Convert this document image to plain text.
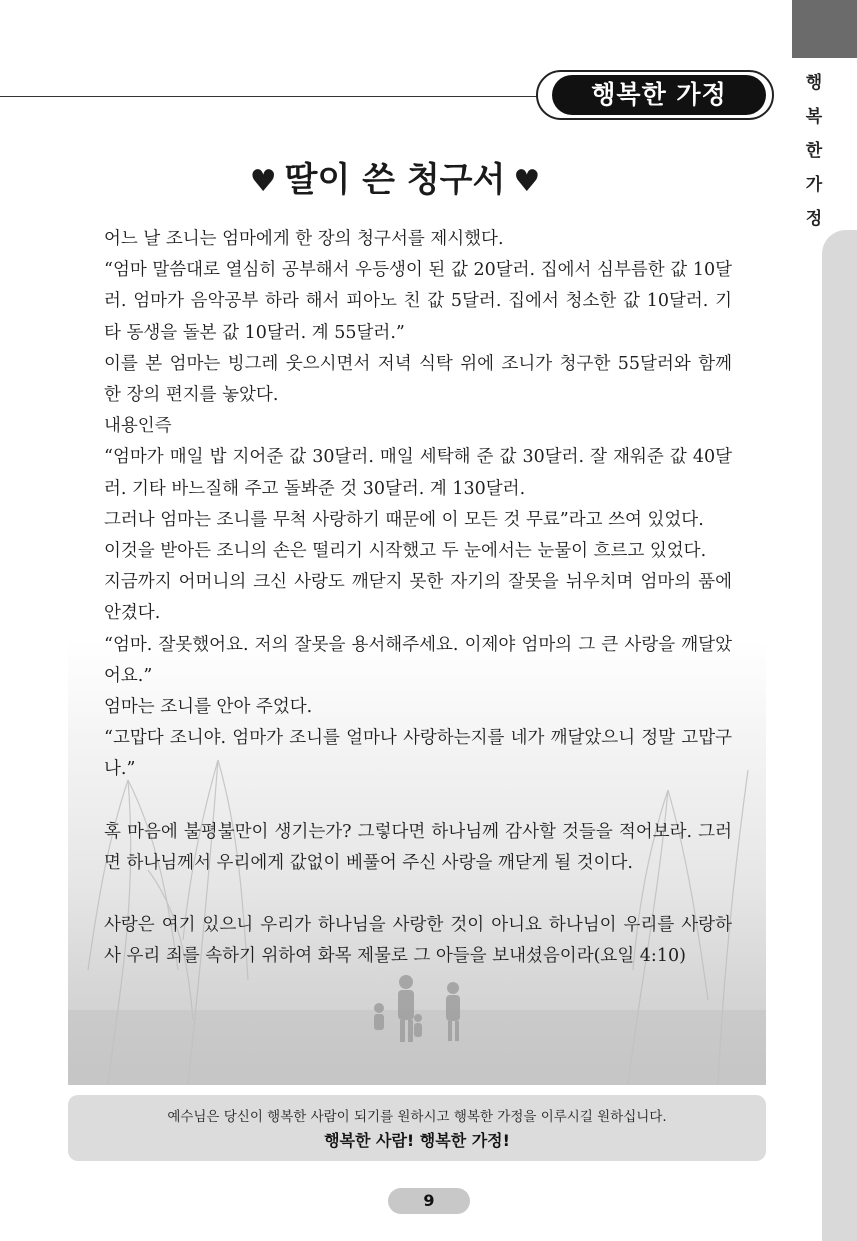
행
복
한
가
정
행복한 가정
♥ 딸이 쓴 청구서 ♥

어느 날 조니는 엄마에게 한 장의 청구서를 제시했다.

“엄마 말씀대로 열심히 공부해서 우등생이 된 값 20달러. 집에서 심부름한 값 10달러. 엄마가 음악공부 하라 해서 피아노 친 값 5달러. 집에서 청소한 값 10달러. 기타 동생을 돌본 값 10달러. 계 55달러.”

이를 본 엄마는 빙그레 웃으시면서 저녁 식탁 위에 조니가 청구한 55달러와 함께 한 장의 편지를 놓았다.

내용인즉

“엄마가 매일 밥 지어준 값 30달러. 매일 세탁해 준 값 30달러. 잘 재워준 값 40달러. 기타 바느질해 주고 돌봐준 것 30달러. 계 130달러.

그러나 엄마는 조니를 무척 사랑하기 때문에 이 모든 것 무료”라고 쓰여 있었다.

이것을 받아든 조니의 손은 떨리기 시작했고 두 눈에서는 눈물이 흐르고 있었다.

지금까지 어머니의 크신 사랑도 깨닫지 못한 자기의 잘못을 뉘우치며 엄마의 품에 안겼다.

“엄마. 잘못했어요. 저의 잘못을 용서해주세요. 이제야 엄마의 그 큰 사랑을 깨달았어요.”

엄마는 조니를 안아 주었다.

“고맙다 조니야. 엄마가 조니를 얼마나 사랑하는지를 네가 깨달았으니 정말 고맙구나.”

혹 마음에 불평불만이 생기는가? 그렇다면 하나님께 감사할 것들을 적어보라. 그러면 하나님께서 우리에게 값없이 베풀어 주신 사랑을 깨닫게 될 것이다.

사랑은 여기 있으니 우리가 하나님을 사랑한 것이 아니요 하나님이 우리를 사랑하사 우리 죄를 속하기 위하여 화목 제물로 그 아들을 보내셨음이라(요일 4:10)

예수님은 당신이 행복한 사람이 되기를 원하시고 행복한 가정을 이루시길 원하십니다.
행복한 사람! 행복한 가정!
9
